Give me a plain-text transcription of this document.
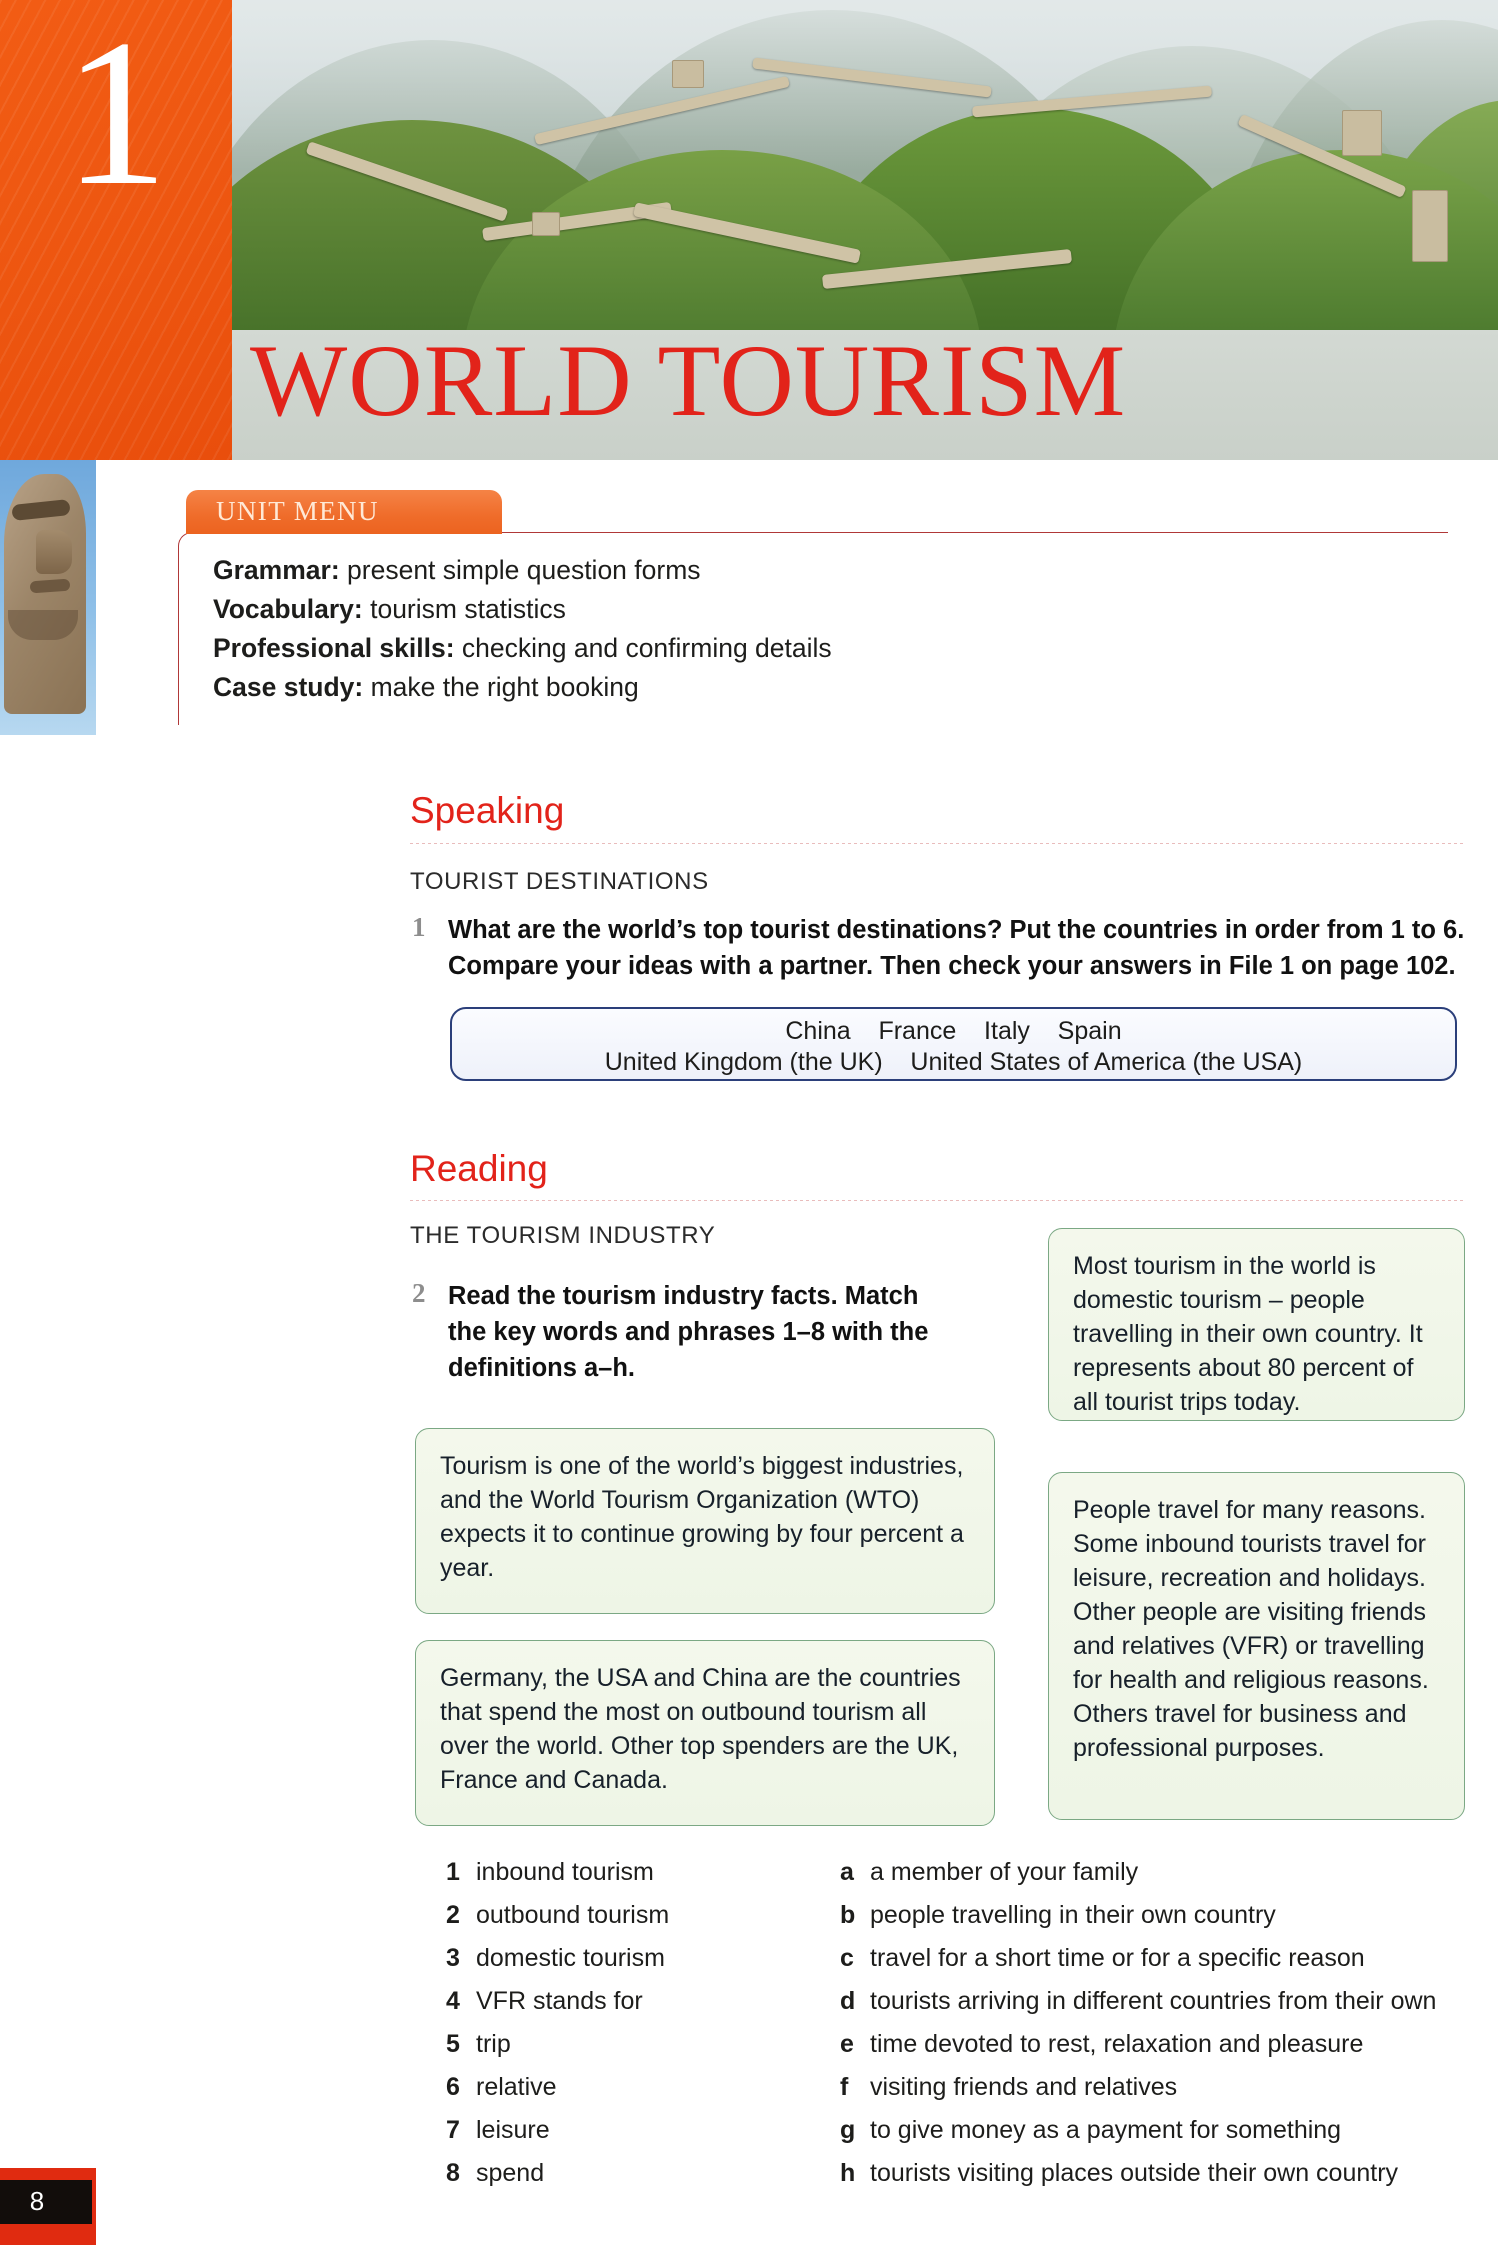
1
WORLD TOURISM
UNIT MENU
Grammar: present simple question forms
Vocabulary: tourism statistics
Professional skills: checking and confirming details
Case study: make the right booking
Speaking
TOURIST DESTINATIONS
1 What are the world’s top tourist destinations? Put the countries in order from 1 to 6.
Compare your ideas with a partner. Then check your answers in File 1 on page 102.
China    France    Italy    Spain
United Kingdom (the UK)    United States of America (the USA)
Reading
THE TOURISM INDUSTRY
2 Read the tourism industry facts. Match
the key words and phrases 1–8 with the
definitions a–h.
Most tourism in the world is domestic tourism – people travelling in their own country. It represents about 80 percent of all tourist trips today.
Tourism is one of the world’s biggest industries, and the World Tourism Organization (WTO) expects it to continue growing by four percent a year.
People travel for many reasons. Some inbound tourists travel for leisure, recreation and holidays. Other people are visiting friends and relatives (VFR) or travelling for health and religious reasons. Others travel for business and professional purposes.
Germany, the USA and China are the countries that spend the most on outbound tourism all over the world. Other top spenders are the UK, France and Canada.
1 inbound tourism
2 outbound tourism
3 domestic tourism
4 VFR stands for
5 trip
6 relative
7 leisure
8 spend
a a member of your family
b people travelling in their own country
c travel for a short time or for a specific reason
d tourists arriving in different countries from their own
e time devoted to rest, relaxation and pleasure
f visiting friends and relatives
g to give money as a payment for something
h tourists visiting places outside their own country
8
